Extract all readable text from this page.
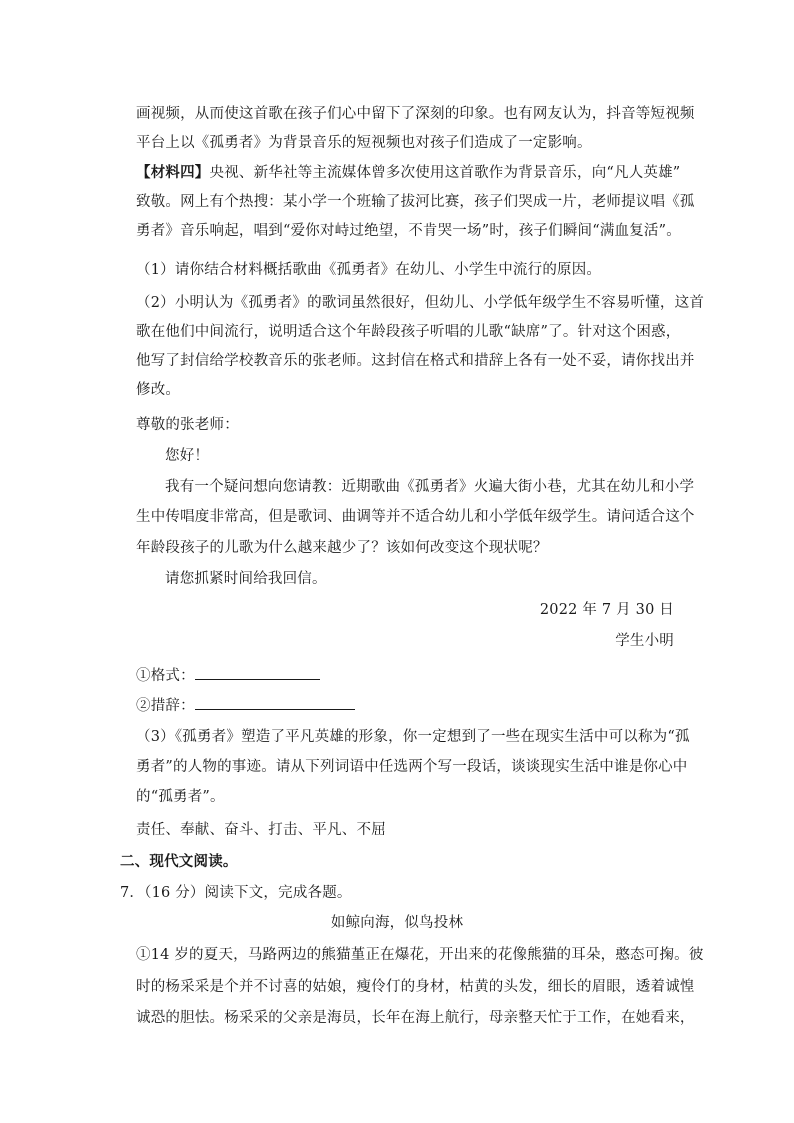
画视频，从而使这首歌在孩子们心中留下了深刻的印象。也有网友认为，抖音等短视频
平台上以《孤勇者》为背景音乐的短视频也对孩子们造成了一定影响。
【材料四】央视、新华社等主流媒体曾多次使用这首歌作为背景音乐，向“凡人英雄”
致敬。网上有个热搜：某小学一个班输了拔河比赛，孩子们哭成一片，老师提议唱《孤
勇者》音乐响起，唱到“爱你对峙过绝望，不肯哭一场”时，孩子们瞬间“满血复活”。
（1）请你结合材料概括歌曲《孤勇者》在幼儿、小学生中流行的原因。
（2）小明认为《孤勇者》的歌词虽然很好，但幼儿、小学低年级学生不容易听懂，这首
歌在他们中间流行，说明适合这个年龄段孩子听唱的儿歌“缺席”了。针对这个困惑，
他写了封信给学校教音乐的张老师。这封信在格式和措辞上各有一处不妥，请你找出并
修改。
尊敬的张老师：
您好！
我有一个疑问想向您请教：近期歌曲《孤勇者》火遍大街小巷，尤其在幼儿和小学
生中传唱度非常高，但是歌词、曲调等并不适合幼儿和小学低年级学生。请问适合这个
年龄段孩子的儿歌为什么越来越少了？该如何改变这个现状呢？
请您抓紧时间给我回信。
2022 年 7 月 30 日
学生小明
①格式：
②措辞：
（3）《孤勇者》塑造了平凡英雄的形象，你一定想到了一些在现实生活中可以称为“孤
勇者”的人物的事迹。请从下列词语中任选两个写一段话，谈谈现实生活中谁是你心中
的“孤勇者”。
责任、奉献、奋斗、打击、平凡、不屈
二、现代文阅读。
7．（16 分）阅读下文，完成各题。
如鲸向海，似鸟投林
①14 岁的夏天，马路两边的熊猫堇正在爆花，开出来的花像熊猫的耳朵，憨态可掬。彼
时的杨采采是个并不讨喜的姑娘，瘦伶仃的身材，枯黄的头发，细长的眉眼，透着诚惶
诚恐的胆怯。杨采采的父亲是海员，长年在海上航行，母亲整天忙于工作，在她看来，
